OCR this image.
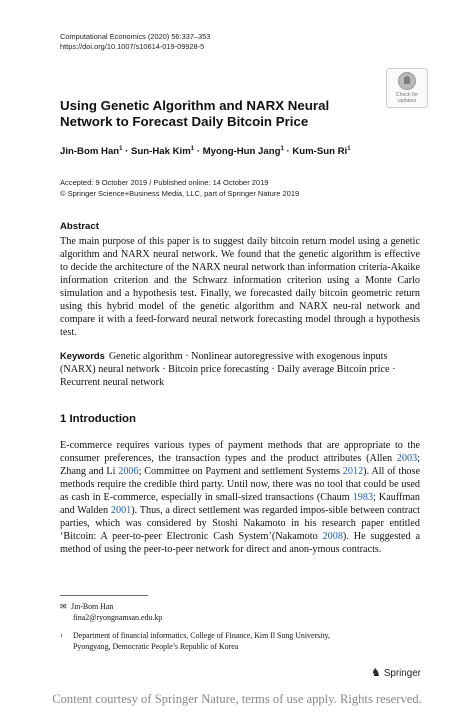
Computational Economics (2020) 56:337–353
https://doi.org/10.1007/s10614-019-09928-5
Check for
updates
Using Genetic Algorithm and NARX Neural Network to Forecast Daily Bitcoin Price
Jin-Bom Han$^1$ · Sun-Hak Kim$^1$ · Myong-Hun Jang$^1$ · Kum-Sun Ri$^1$
Accepted: 9 October 2019 / Published online: 14 October 2019
© Springer Science+Business Media, LLC, part of Springer Nature 2019
Abstract
The main purpose of this paper is to suggest daily bitcoin return model using a genetic algorithm and NARX neural network. We found that the genetic algorithm is effective to decide the architecture of the NARX neural network than information criteria-Akaike information criterion and the Schwarz information criterion using a Monte Carlo simulation and a hypothesis test. Finally, we forecasted daily bitcoin geometric return using this hybrid model of the genetic algorithm and NARX neu-ral network and compare it with a feed-forward neural network forecasting model through a hypothesis test.
Keywords Genetic algorithm · Nonlinear autoregressive with exogenous inputs (NARX) neural network · Bitcoin price forecasting · Daily average Bitcoin price · Recurrent neural network
1 Introduction
E-commerce requires various types of payment methods that are appropriate to the consumer preferences, the transaction types and the product attributes (Allen 2003; Zhang and Li 2006; Committee on Payment and settlement Systems 2012). All of those methods require the credible third party. Until now, there was no tool that could be used as cash in E-commerce, especially in small-sized transactions (Chaum 1983; Kauffman and Walden 2001). Thus, a direct settlement was regarded impos-sible between contract parties, which was considered by Stoshi Nakamoto in his research paper entitled ‘Bitcoin: A peer-to-peer Electronic Cash System’(Nakamoto 2008). He suggested a method of using the peer-to-peer network for direct and anon-ymous contracts.
✉ Jin-Bom Han
fina2@ryongnamsan.edu.kp
1	Department of financial informatics, College of Finance, Kim Il Sung University, Pyongyang, Democratic People’s Republic of Korea
♞ Springer
Content courtesy of Springer Nature, terms of use apply. Rights reserved.
